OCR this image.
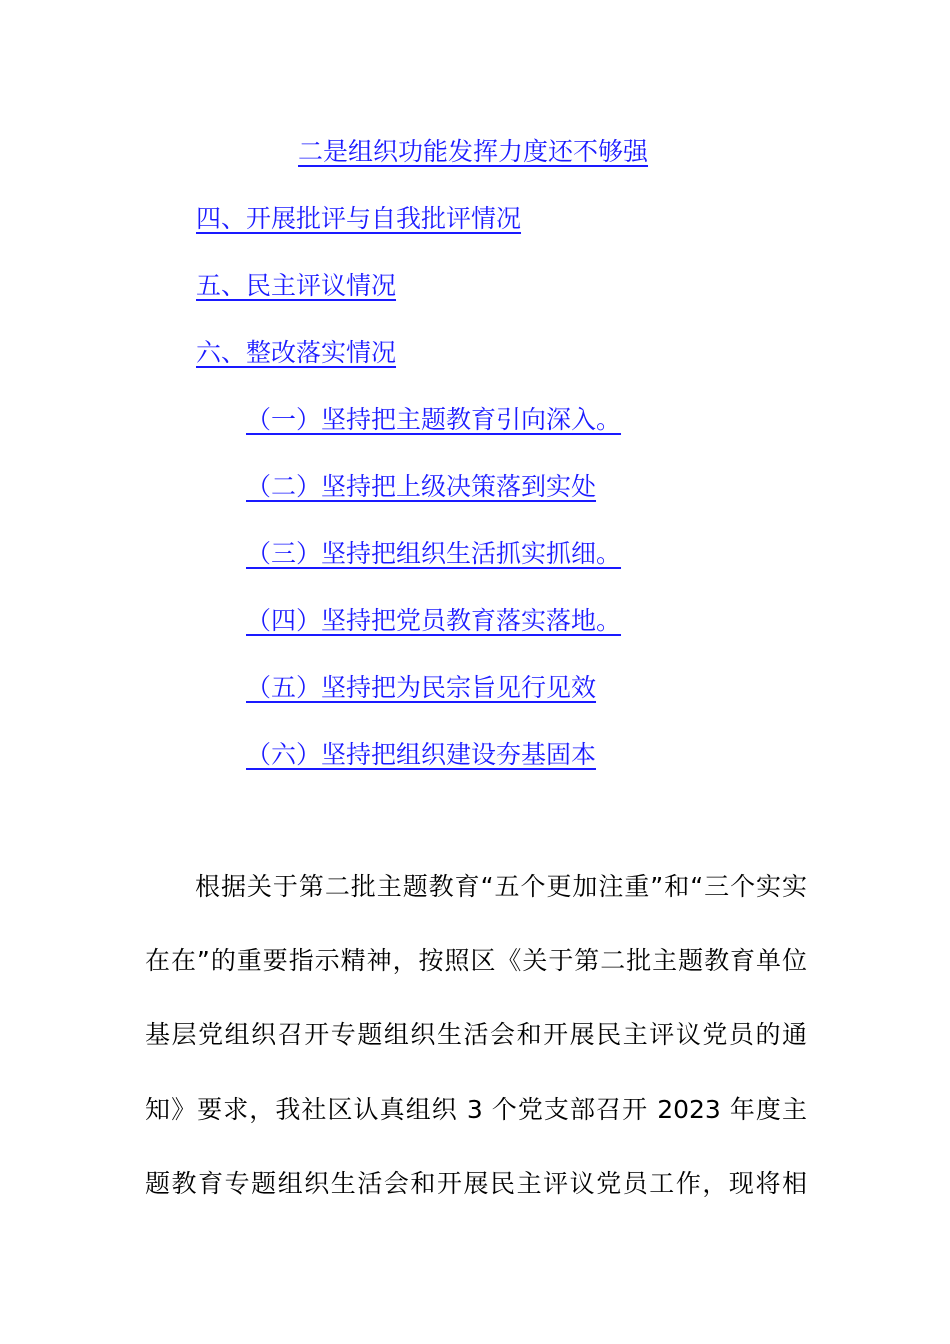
二是组织功能发挥力度还不够强
四、开展批评与自我批评情况
五、民主评议情况
六、整改落实情况
（一）坚持把主题教育引向深入。
（二）坚持把上级决策落到实处
（三）坚持把组织生活抓实抓细。
（四）坚持把党员教育落实落地。
（五）坚持把为民宗旨见行见效
（六）坚持把组织建设夯基固本
根据关于第二批主题教育“五个更加注重”和“三个实实
在在”的重要指示精神，按照区《关于第二批主题教育单位
基层党组织召开专题组织生活会和开展民主评议党员的通
知》要求，我社区认真组织 3 个党支部召开 2023 年度主
题教育专题组织生活会和开展民主评议党员工作，现将相
